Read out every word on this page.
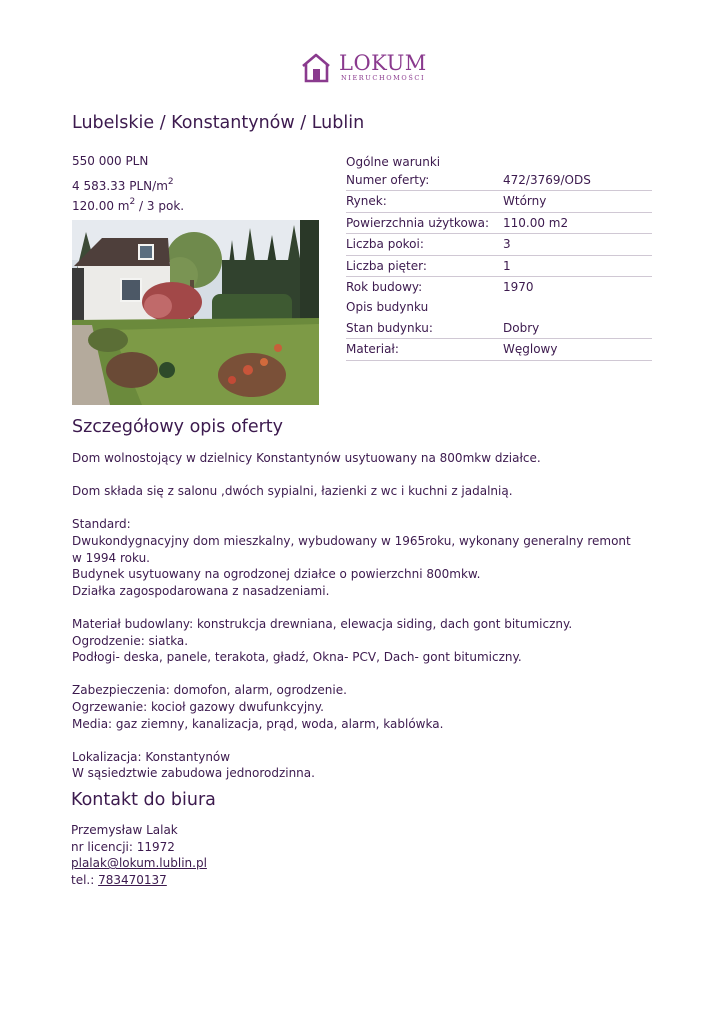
LOKUM
NIERUCHOMOŚCI
Lubelskie / Konstantynów / Lublin
550 000 PLN
4 583.33 PLN/$m^2$
120.00 $m^2 / 3$ pok.
Ogólne warunki
Numer oferty:	472/3769/ODS
Rynek:	Wtórny
Powierzchnia użytkowa: 110.00 m2
Liczba pokoi:	3
Liczba pięter:	1
Rok budowy:	1970
Opis budynku
Stan budynku:	Dobry
Materiał:	Węglowy
Szczegółowy opis oferty

Dom wolnostojący w dzielnicy Konstantynów usytuowany na 800mkw działce.

Dom składa się z salonu ,dwóch sypialni, łazienki z wc i kuchni z jadalnią.

Standard:
Dwukondygnacyjny dom mieszkalny, wybudowany w 1965roku, wykonany generalny remont w 1994 roku.
Budynek usytuowany na ogrodzonej działce o powierzchni 800mkw.
Działka zagospodarowana z nasadzeniami.

Materiał budowlany: konstrukcja drewniana, elewacja siding, dach gont bitumiczny.
Ogrodzenie: siatka.
Podłogi- deska, panele, terakota, gładź, Okna- PCV, Dach- gont bitumiczny.

Zabezpieczenia: domofon, alarm, ogrodzenie.
Ogrzewanie: kocioł gazowy dwufunkcyjny.
Media: gaz ziemny, kanalizacja, prąd, woda, alarm, kablówka.

Lokalizacja: Konstantynów
W sąsiedztwie zabudowa jednorodzinna.

Kontakt do biura
Przemysław Lalak
nr licencji: 11972
plalak@lokum.lublin.pl
tel.: 783470137
